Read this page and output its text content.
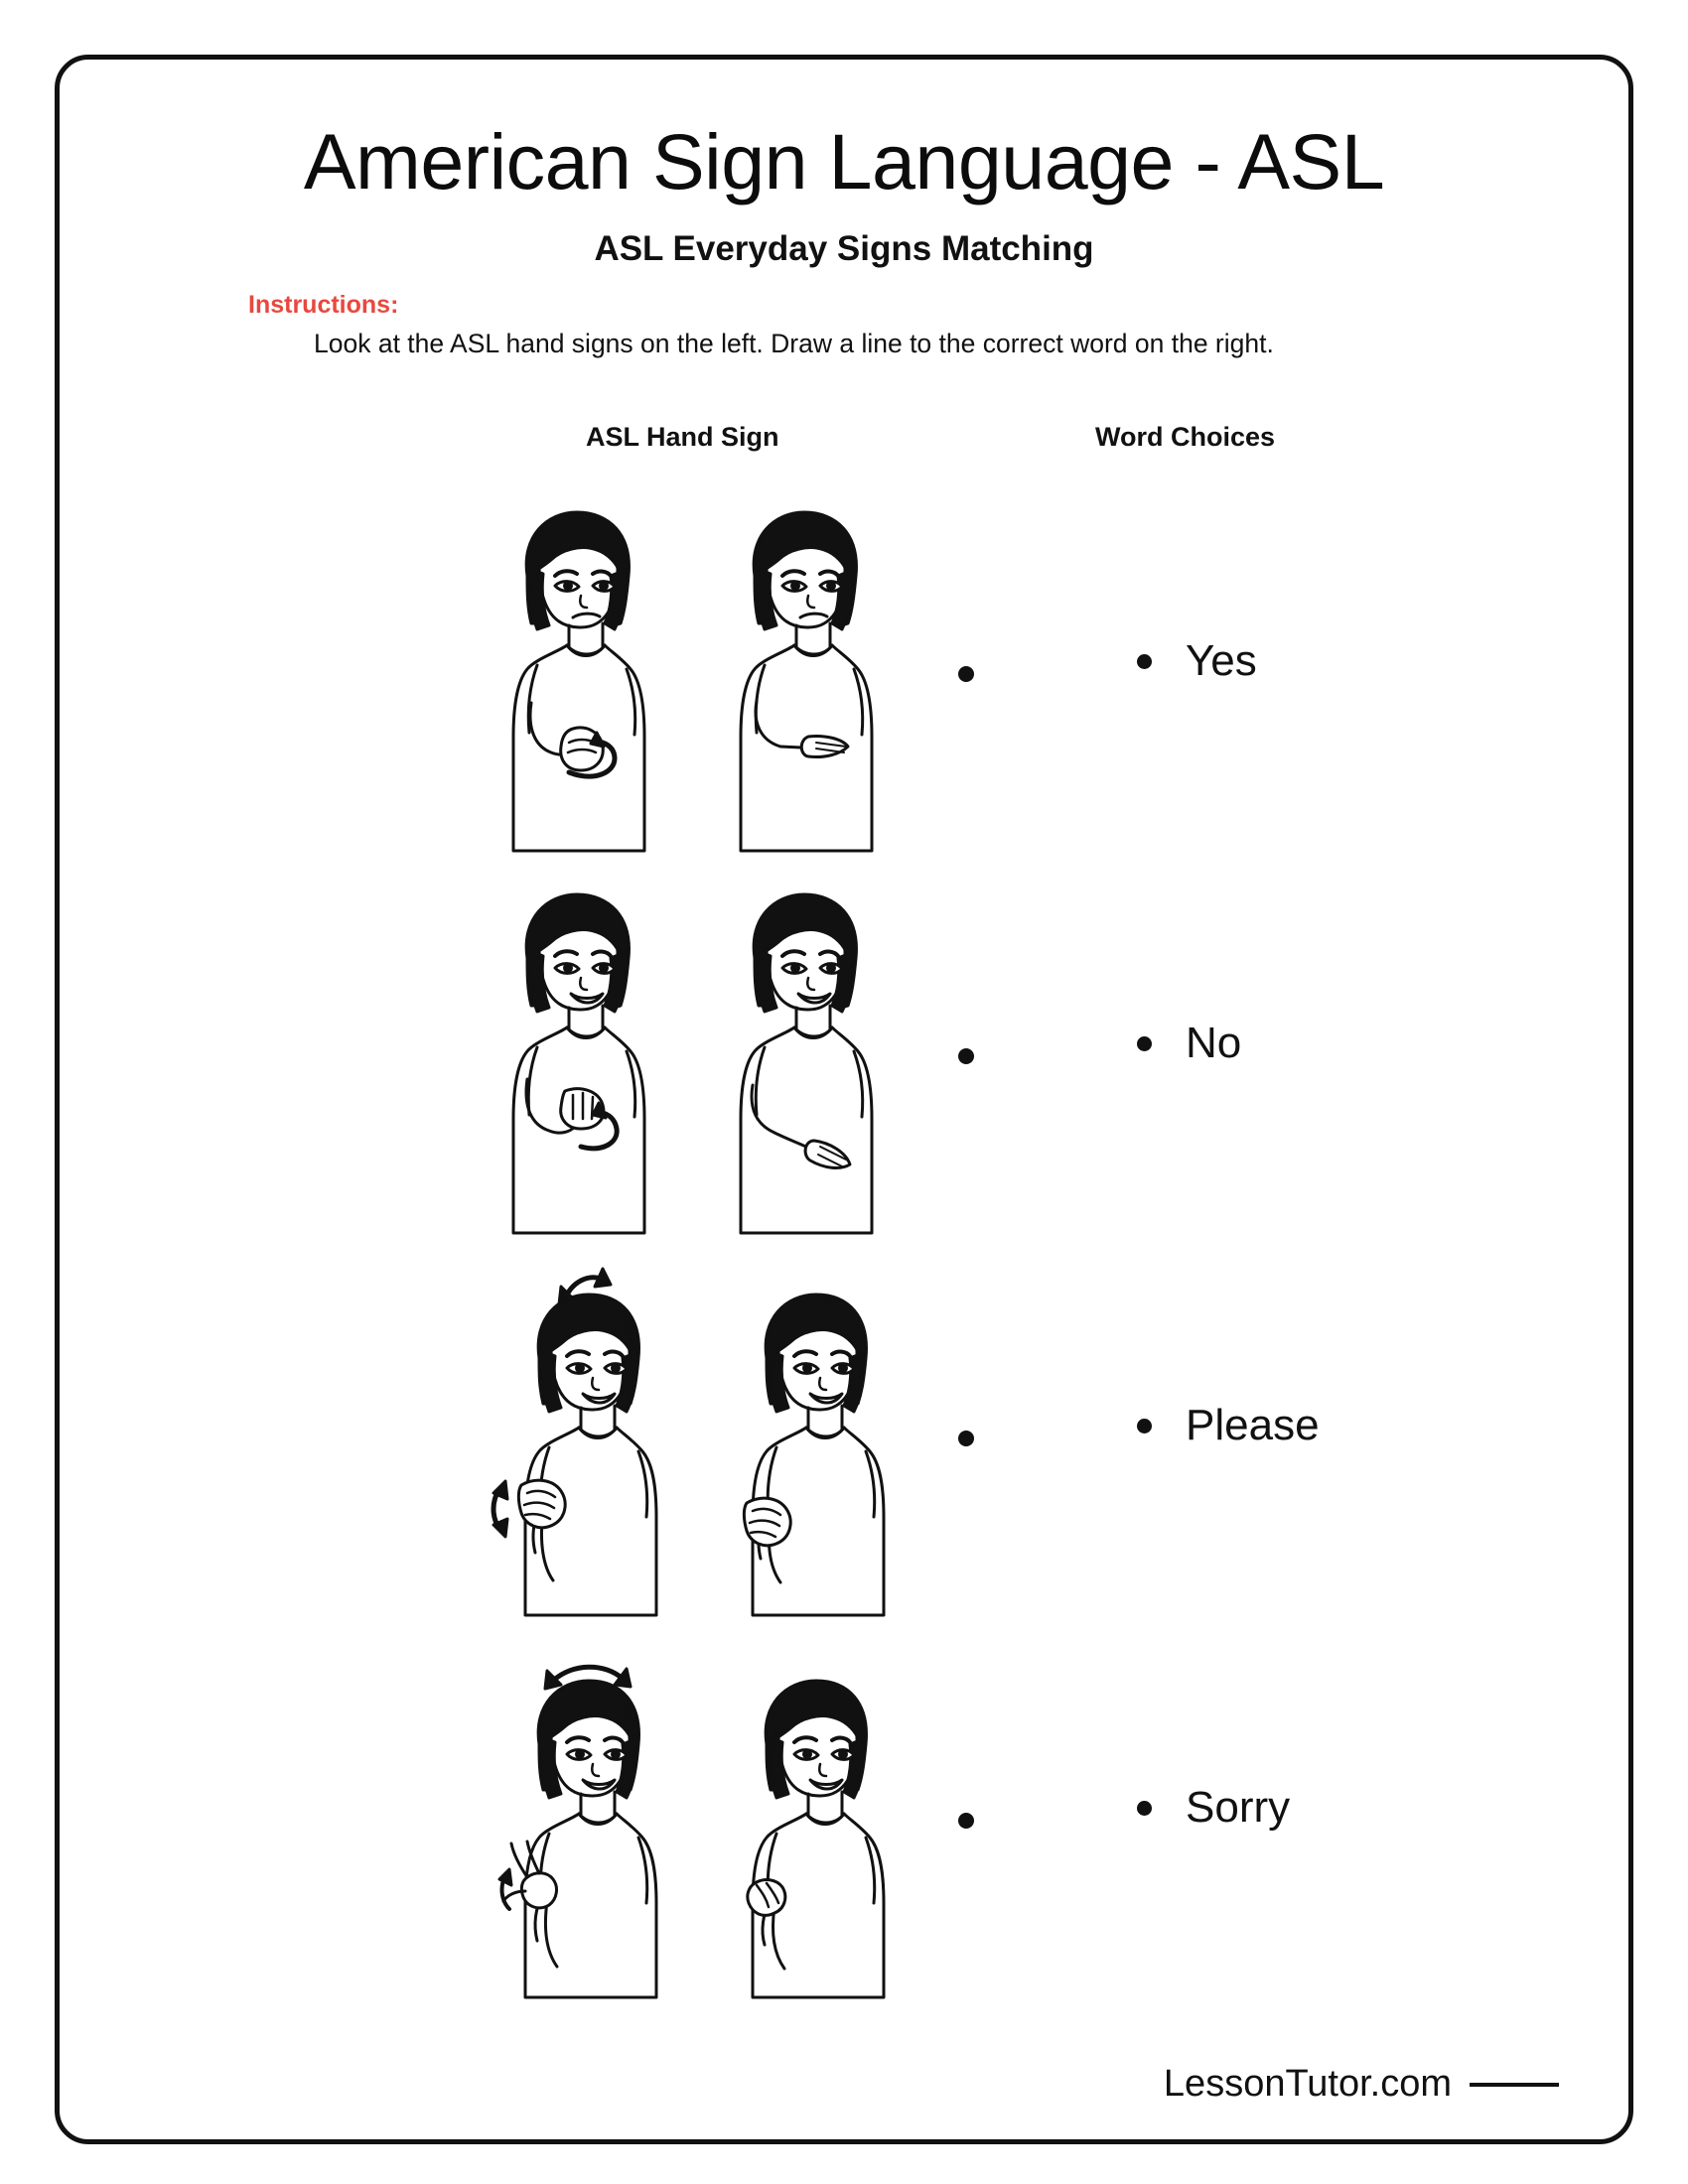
American Sign Language - ASL
ASL Everyday Signs Matching
Instructions:
Look at the ASL hand signs on the left. Draw a line to the correct word on the right.
ASL Hand Sign	Word Choices
Yes
No
Please
Sorry
LessonTutor.com
